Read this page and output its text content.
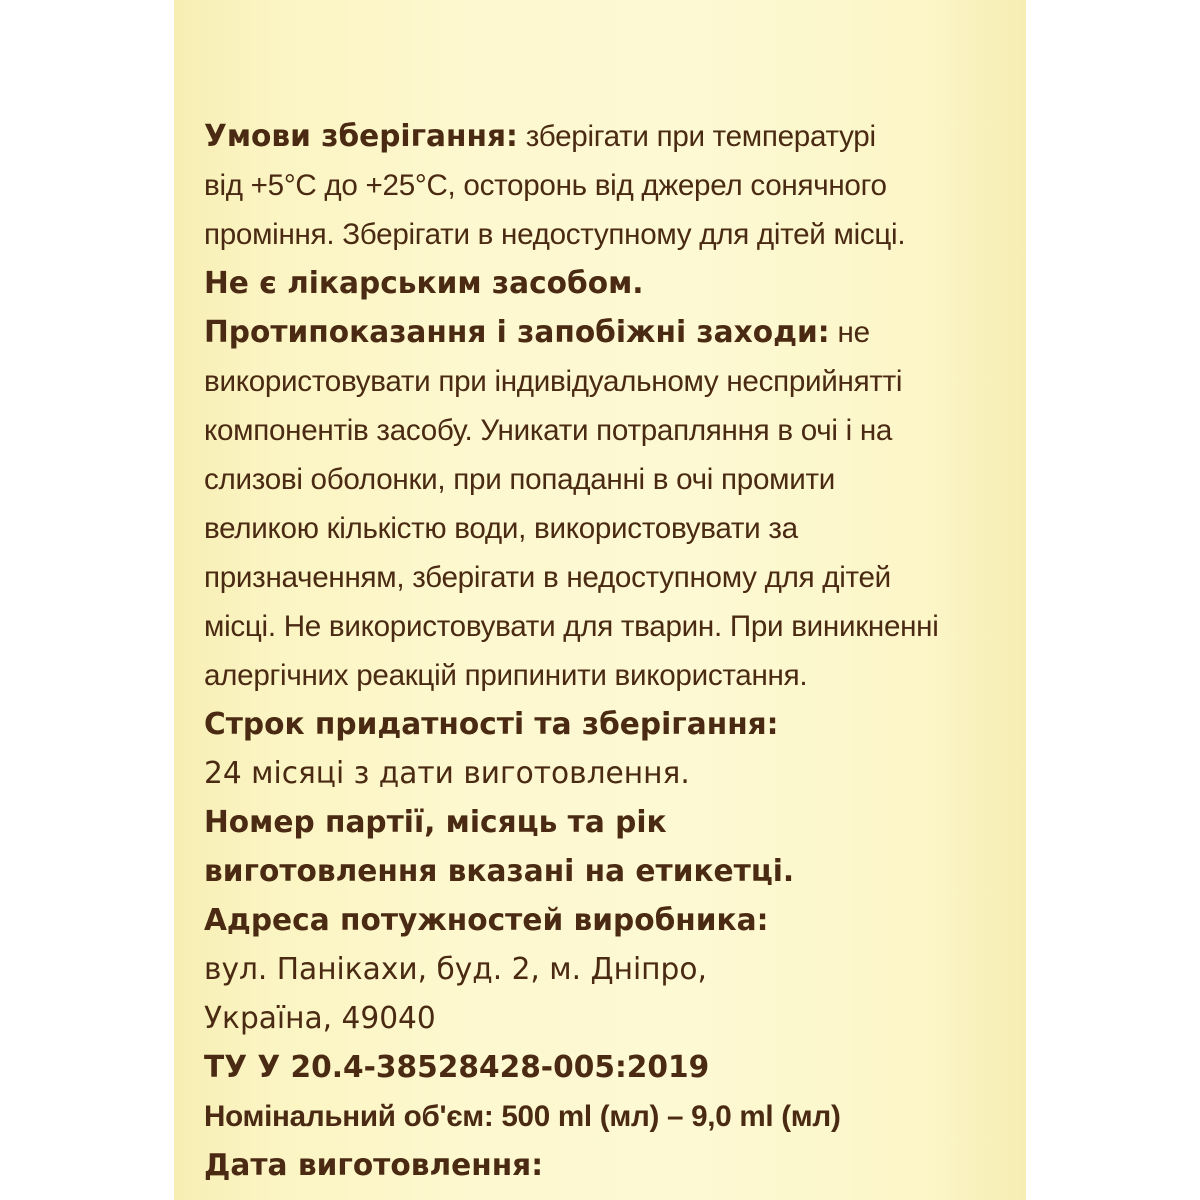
Умови зберігання: зберігати при температурі
від +5°С до +25°С, осторонь від джерел сонячного
проміння. Зберігати в недоступному для дітей місці.
Не є лікарським засобом.
Протипоказання і запобіжні заходи: не
використовувати при індивідуальному несприйнятті
компонентів засобу. Уникати потрапляння в очі і на
слизові оболонки, при попаданні в очі промити
великою кількістю води, використовувати за
призначенням, зберігати в недоступному для дітей
місці. Не використовувати для тварин. При виникненні
алергічних реакцій припинити використання.
Строк придатності та зберігання:
24 місяці з дати виготовлення.
Номер партії, місяць та рік
виготовлення вказані на етикетці.
Адреса потужностей виробника:
вул. Панікахи, буд. 2, м. Дніпро,
Україна, 49040
ТУ У 20.4-38528428-005:2019
Номінальний об'єм: 500 ml (мл) – 9,0 ml (мл)
Дата виготовлення:
